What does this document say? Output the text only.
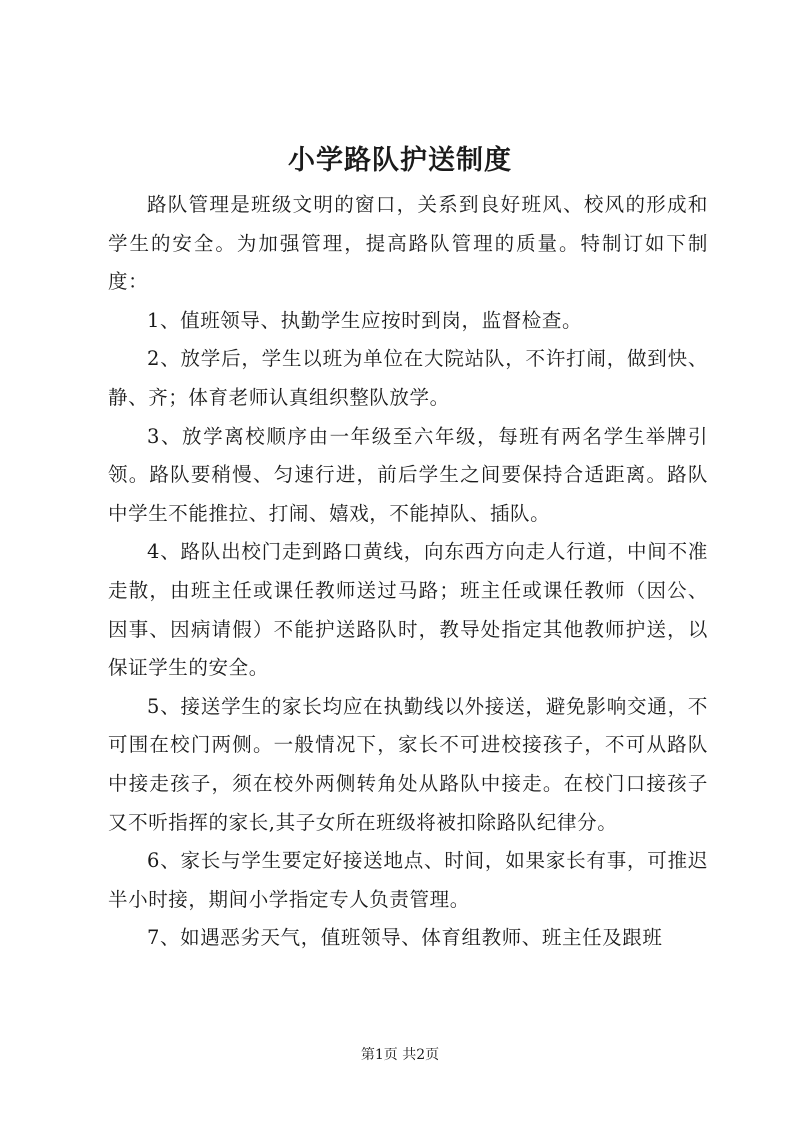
小学路队护送制度

路队管理是班级文明的窗口，关系到良好班风、校风的形成和学生的安全。为加强管理，提高路队管理的质量。特制订如下制度：

1、值班领导、执勤学生应按时到岗，监督检查。

2、放学后，学生以班为单位在大院站队，不许打闹，做到快、静、齐；体育老师认真组织整队放学。

3、放学离校顺序由一年级至六年级，每班有两名学生举牌引领。路队要稍慢、匀速行进，前后学生之间要保持合适距离。路队中学生不能推拉、打闹、嬉戏，不能掉队、插队。

4、路队出校门走到路口黄线，向东西方向走人行道，中间不准走散，由班主任或课任教师送过马路；班主任或课任教师（因公、因事、因病请假）不能护送路队时，教导处指定其他教师护送，以保证学生的安全。

5、接送学生的家长均应在执勤线以外接送，避免影响交通，不可围在校门两侧。一般情况下，家长不可进校接孩子，不可从路队中接走孩子，须在校外两侧转角处从路队中接走。在校门口接孩子又不听指挥的家长,其子女所在班级将被扣除路队纪律分。

6、家长与学生要定好接送地点、时间，如果家长有事，可推迟半小时接，期间小学指定专人负责管理。

7、如遇恶劣天气，值班领导、体育组教师、班主任及跟班

第1页 共2页
